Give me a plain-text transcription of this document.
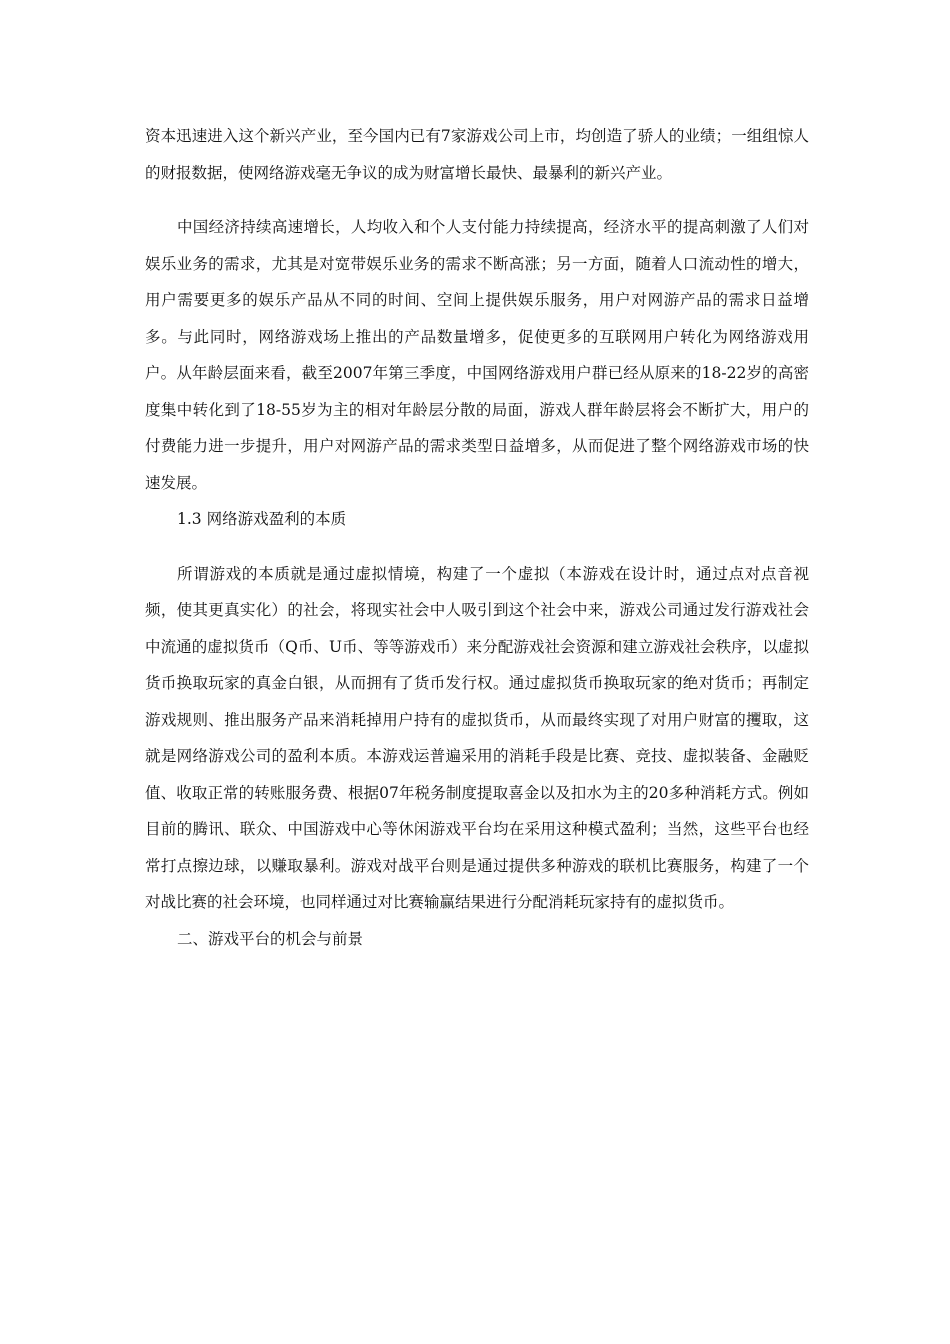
资本迅速进入这个新兴产业，至今国内已有7家游戏公司上市，均创造了骄人的业绩；一组组惊人的财报数据，使网络游戏毫无争议的成为财富增长最快、最暴利的新兴产业。

中国经济持续高速增长，人均收入和个人支付能力持续提高，经济水平的提高刺激了人们对娱乐业务的需求，尤其是对宽带娱乐业务的需求不断高涨；另一方面，随着人口流动性的增大，用户需要更多的娱乐产品从不同的时间、空间上提供娱乐服务，用户对网游产品的需求日益增多。与此同时，网络游戏场上推出的产品数量增多，促使更多的互联网用户转化为网络游戏用户。从年龄层面来看，截至2007年第三季度，中国网络游戏用户群已经从原来的18-22岁的高密度集中转化到了18-55岁为主的相对年龄层分散的局面，游戏人群年龄层将会不断扩大，用户的付费能力进一步提升，用户对网游产品的需求类型日益增多，从而促进了整个网络游戏市场的快速发展。

1.3 网络游戏盈利的本质

所谓游戏的本质就是通过虚拟情境，构建了一个虚拟（本游戏在设计时，通过点对点音视频，使其更真实化）的社会，将现实社会中人吸引到这个社会中来，游戏公司通过发行游戏社会中流通的虚拟货币（Q币、U币、等等游戏币）来分配游戏社会资源和建立游戏社会秩序，以虚拟货币换取玩家的真金白银，从而拥有了货币发行权。通过虚拟货币换取玩家的绝对货币；再制定游戏规则、推出服务产品来消耗掉用户持有的虚拟货币，从而最终实现了对用户财富的攫取，这就是网络游戏公司的盈利本质。本游戏运普遍采用的消耗手段是比赛、竞技、虚拟装备、金融贬值、收取正常的转账服务费、根据07年税务制度提取喜金以及扣水为主的20多种消耗方式。例如目前的腾讯、联众、中国游戏中心等休闲游戏平台均在采用这种模式盈利；当然，这些平台也经常打点擦边球，以赚取暴利。游戏对战平台则是通过提供多种游戏的联机比赛服务，构建了一个对战比赛的社会环境，也同样通过对比赛输赢结果进行分配消耗玩家持有的虚拟货币。

二、游戏平台的机会与前景
